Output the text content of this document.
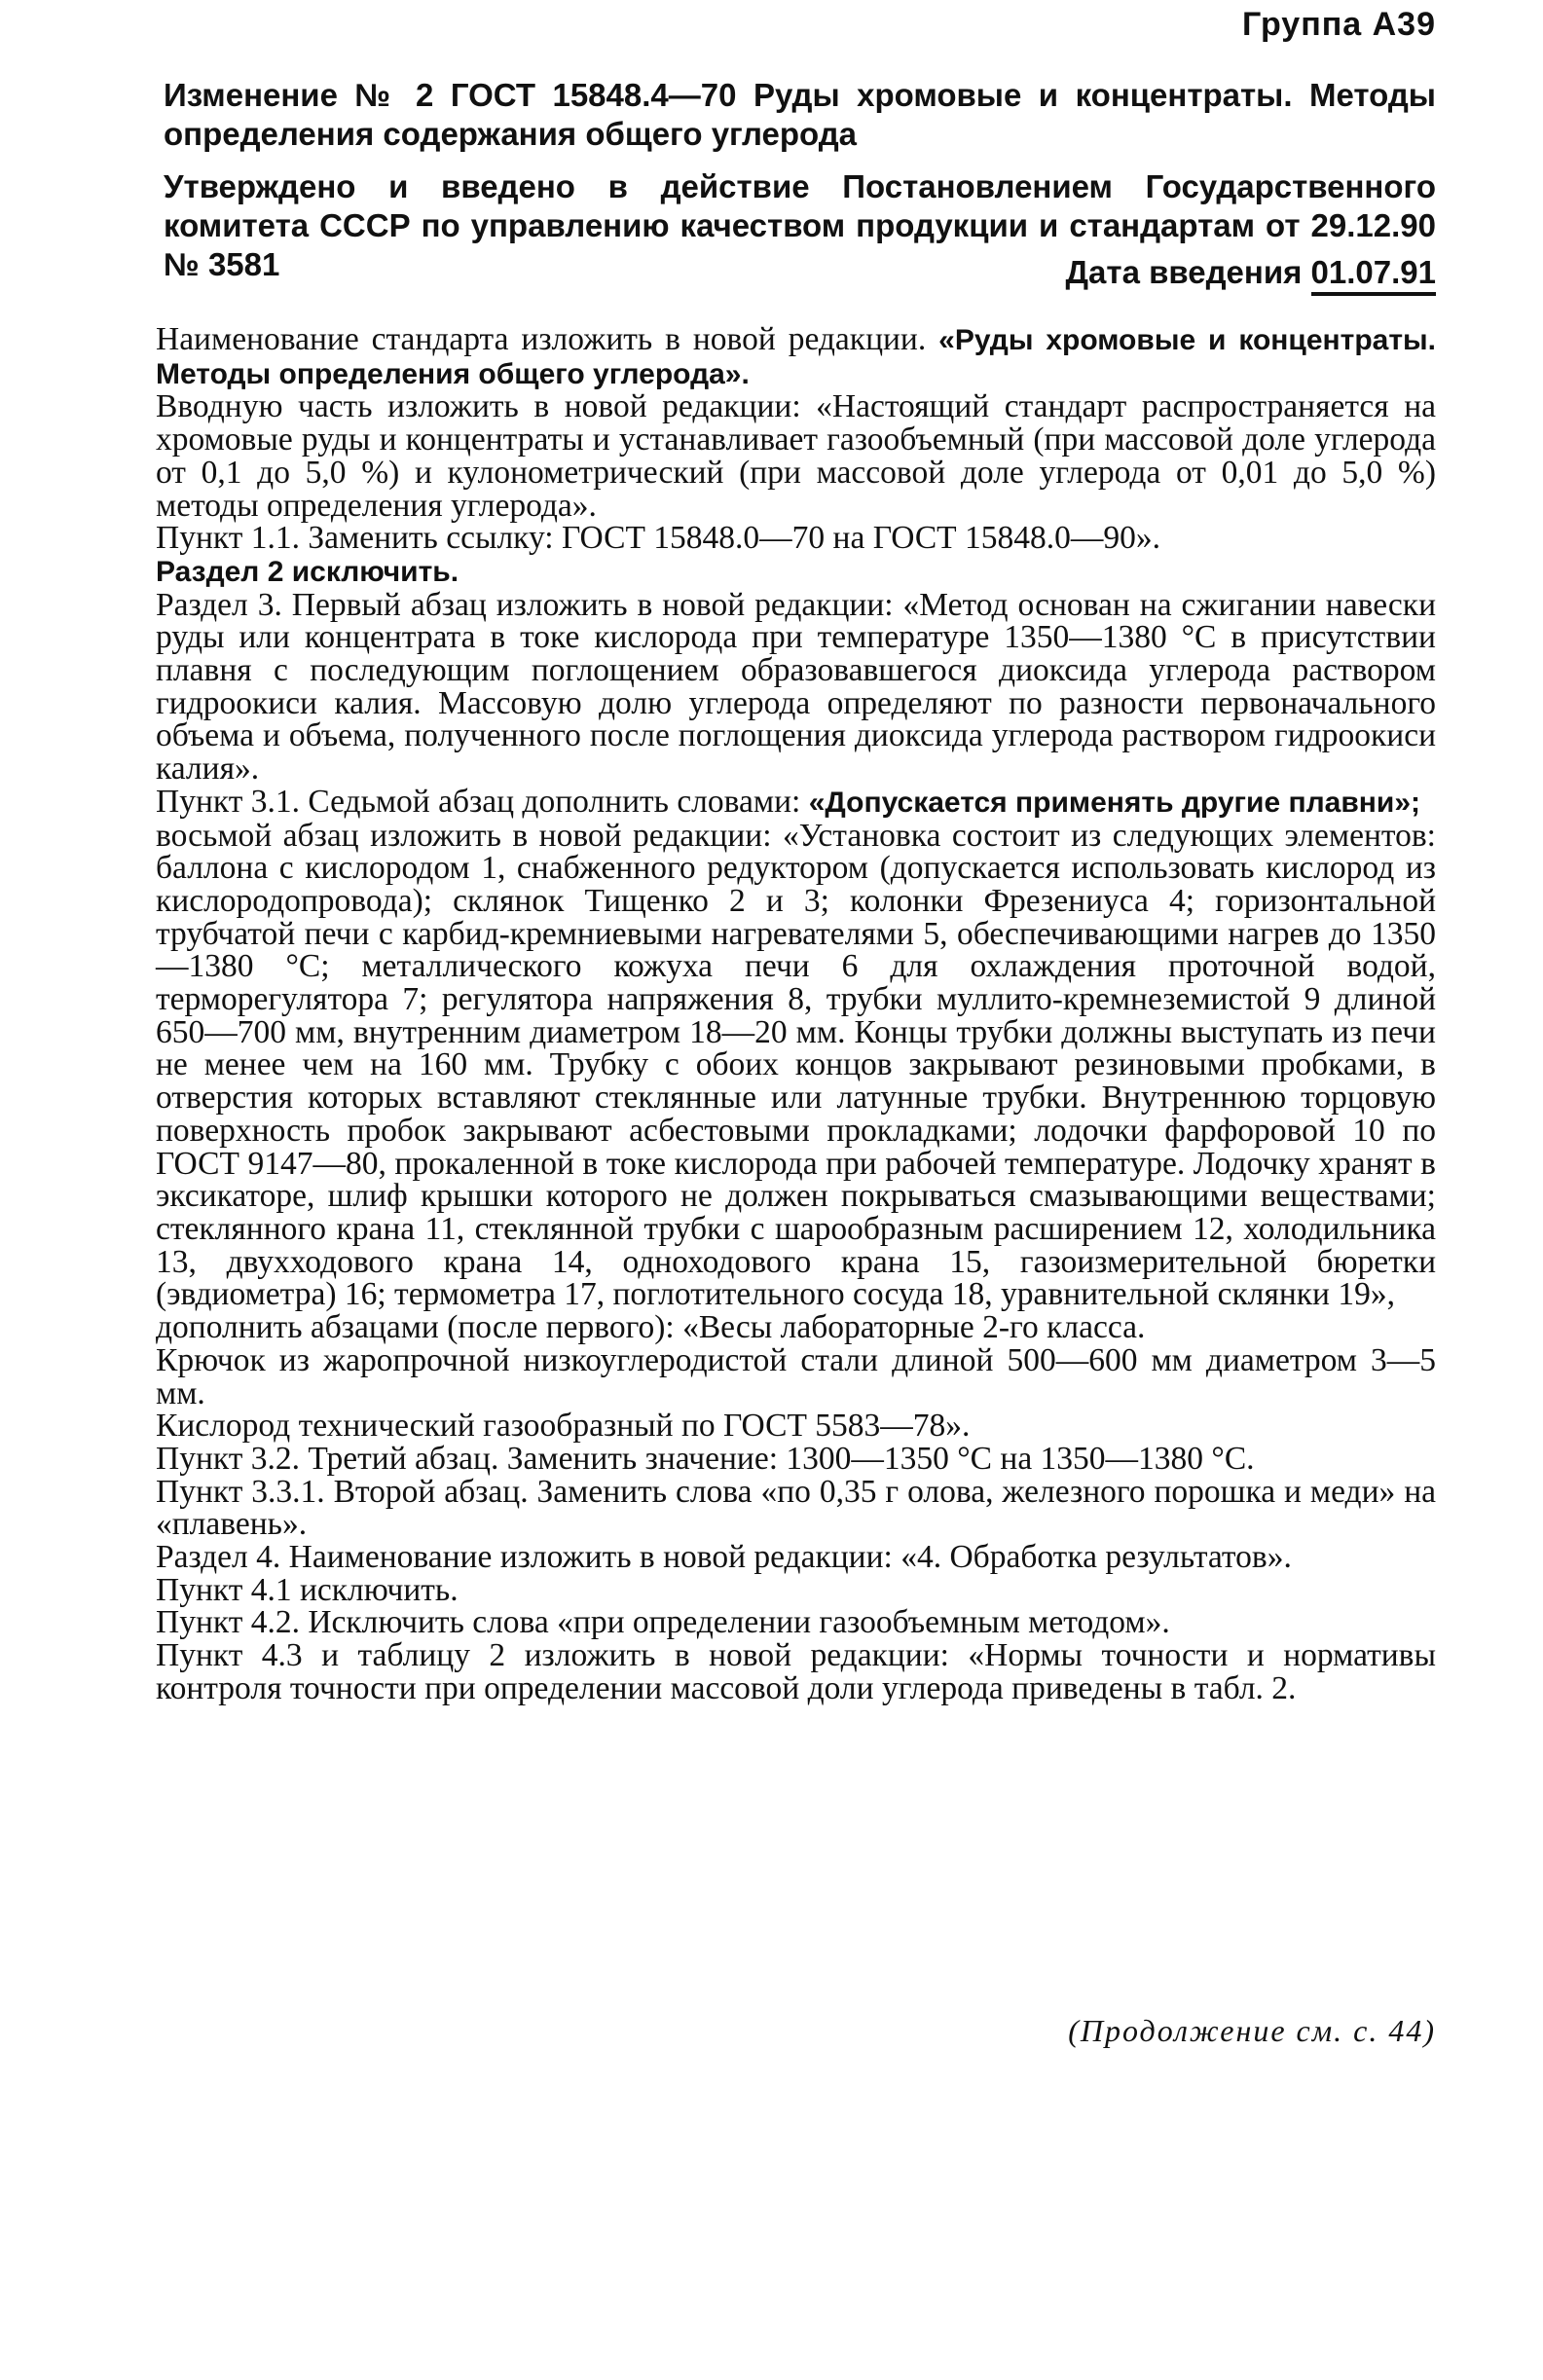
Группа А39
Изменение № 2 ГОСТ 15848.4—70 Руды хромовые и концентраты. Методы определения содержания общего углерода
Утверждено и введено в действие Постановлением Государственного комитета СССР по управлению качеством продукции и стандартам от 29.12.90 № 3581	Дата введения 01.07.91

Наименование стандарта изложить в новой редакции. «Руды хромовые и концентраты. Методы определения общего углерода».

Вводную часть изложить в новой редакции: «Настоящий стандарт распространяется на хромовые руды и концентраты и устанавливает газообъемный (при массовой доле углерода от 0,1 до 5,0 %) и кулонометрический (при массовой доле углерода от 0,01 до 5,0 %) методы определения углерода».

Пункт 1.1. Заменить ссылку: ГОСТ 15848.0—70 на ГОСТ 15848.0—90».

Раздел 2 исключить.

Раздел 3. Первый абзац изложить в новой редакции: «Метод основан на сжигании навески руды или концентрата в токе кислорода при температуре 1350—1380 °С в присутствии плавня с последующим поглощением образовавшегося диоксида углерода раствором гидроокиси калия. Массовую долю углерода определяют по разности первоначального объема и объема, полученного после поглощения диоксида углерода раствором гидроокиси калия».

Пункт 3.1. Седьмой абзац дополнить словами: «Допускается применять другие плавни»;

восьмой абзац изложить в новой редакции: «Установка состоит из следующих элементов: баллона с кислородом 1, снабженного редуктором (допускается использовать кислород из кислородопровода); склянок Тищенко 2 и 3; колонки Фрезениуса 4; горизонтальной трубчатой печи с карбид-кремниевыми нагревателями 5, обеспечивающими нагрев до 1350—1380 °С; металлического кожуха печи 6 для охлаждения проточной водой, терморегулятора 7; регулятора напряжения 8, трубки муллито-кремнеземистой 9 длиной 650—700 мм, внутренним диаметром 18—20 мм. Концы трубки должны выступать из печи не менее чем на 160 мм. Трубку с обоих концов закрывают резиновыми пробками, в отверстия которых вставляют стеклянные или латунные трубки. Внутреннюю торцовую поверхность пробок закрывают асбестовыми прокладками; лодочки фарфоровой 10 по ГОСТ 9147—80, прокаленной в токе кислорода при рабочей температуре. Лодочку хранят в эксикаторе, шлиф крышки которого не должен покрываться смазывающими веществами; стеклянного крана 11, стеклянной трубки с шарообразным расширением 12, холодильника 13, двухходового крана 14, одноходового крана 15, газоизмерительной бюретки (эвдиометра) 16; термометра 17, поглотительного сосуда 18, уравнительной склянки 19»,

дополнить абзацами (после первого): «Весы лабораторные 2-го класса.

Крючок из жаропрочной низкоуглеродистой стали длиной 500—600 мм диаметром 3—5 мм.

Кислород технический газообразный по ГОСТ 5583—78».

Пункт 3.2. Третий абзац. Заменить значение: 1300—1350 °С на 1350—1380 °С.

Пункт 3.3.1. Второй абзац. Заменить слова «по 0,35 г олова, железного порошка и меди» на «плавень».

Раздел 4. Наименование изложить в новой редакции: «4. Обработка результатов».

Пункт 4.1 исключить.

Пункт 4.2. Исключить слова «при определении газообъемным методом».

Пункт 4.3 и таблицу 2 изложить в новой редакции: «Нормы точности и нормативы контроля точности при определении массовой доли углерода приведены в табл. 2.

(Продолжение см. с. 44)
